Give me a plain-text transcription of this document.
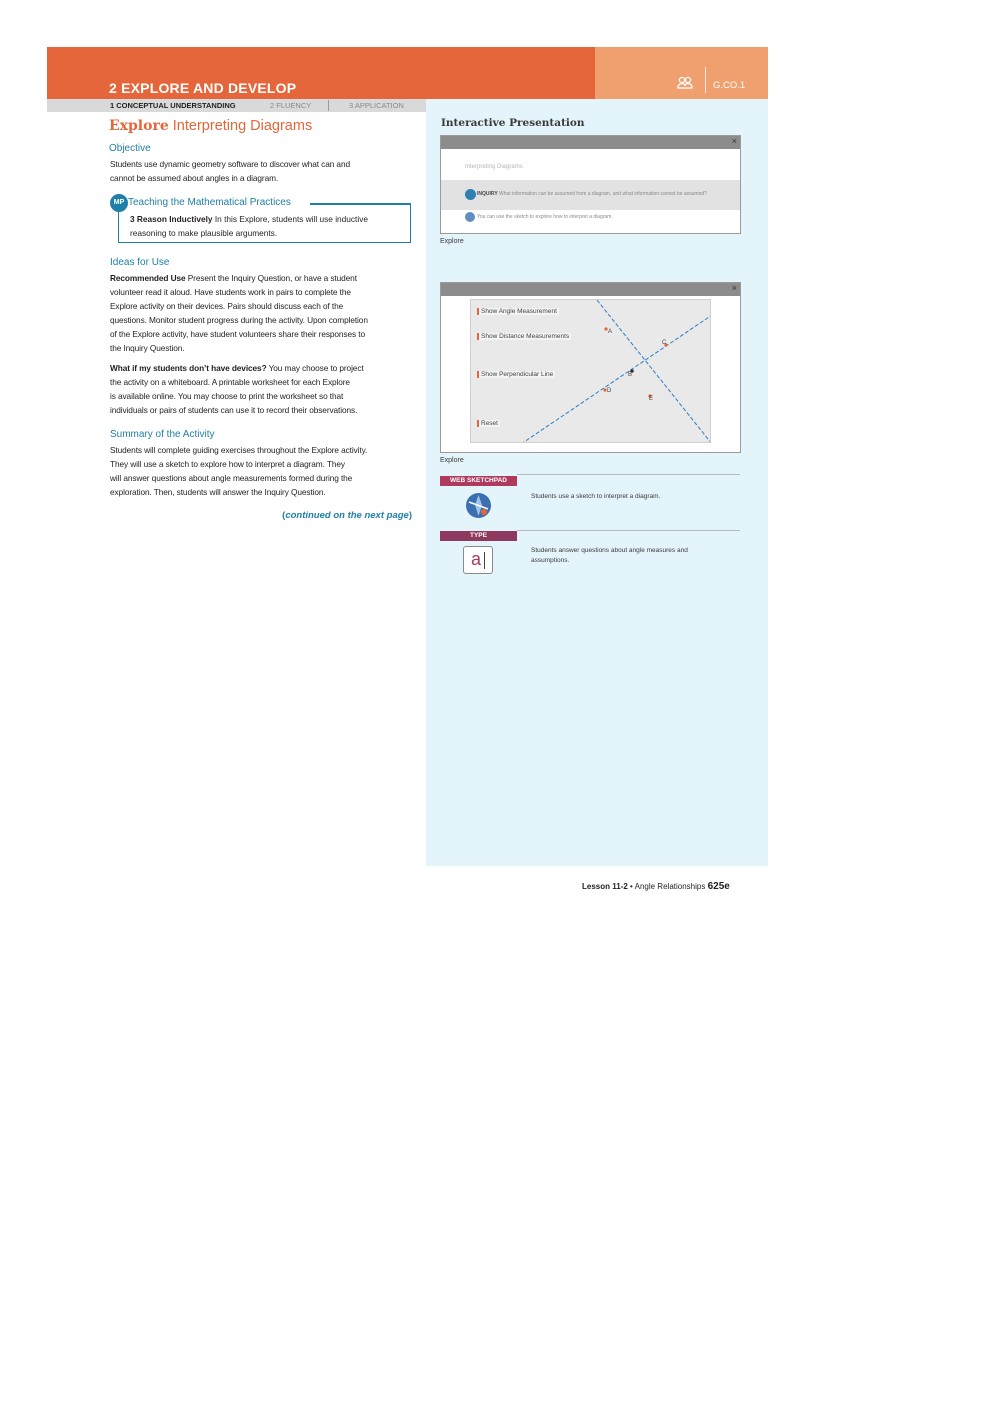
2 EXPLORE AND DEVELOP	G.CO.1
1 CONCEPTUAL UNDERSTANDING	2 FLUENCY	3 APPLICATION
Explore Interpreting Diagrams
Objective
Students use dynamic geometry software to discover what can and
cannot be assumed about angles in a diagram.
MP Teaching the Mathematical Practices
3 Reason Inductively In this Explore, students will use inductive
reasoning to make plausible arguments.
Ideas for Use
Recommended Use Present the Inquiry Question, or have a student
volunteer read it aloud. Have students work in pairs to complete the
Explore activity on their devices. Pairs should discuss each of the
questions. Monitor student progress during the activity. Upon completion
of the Explore activity, have student volunteers share their responses to
the Inquiry Question.
What if my students don’t have devices? You may choose to project
the activity on a whiteboard. A printable worksheet for each Explore
is available online. You may choose to print the worksheet so that
individuals or pairs of students can use it to record their observations.
Summary of the Activity
Students will complete guiding exercises throughout the Explore activity.
They will use a sketch to explore how to interpret a diagram. They
will answer questions about angle measurements formed during the
exploration. Then, students will answer the Inquiry Question.
(continued on the next page)
Interactive Presentation
×
Interpreting Diagrams
INQUIRY What information can be assumed from a diagram, and what information cannot be assumed?
You can use the sketch to explore how to interpret a diagram.
Explore
×
A
C
B
D
E
Show Angle Measurement
Show Distance Measurements
Show Perpendicular Line
Reset
Explore
WEB SKETCHPAD
Students use a sketch to interpret a diagram.
TYPE
a	Students answer questions about angle measures and
assumptions.
Lesson 11-2 • Angle Relationships 625e
